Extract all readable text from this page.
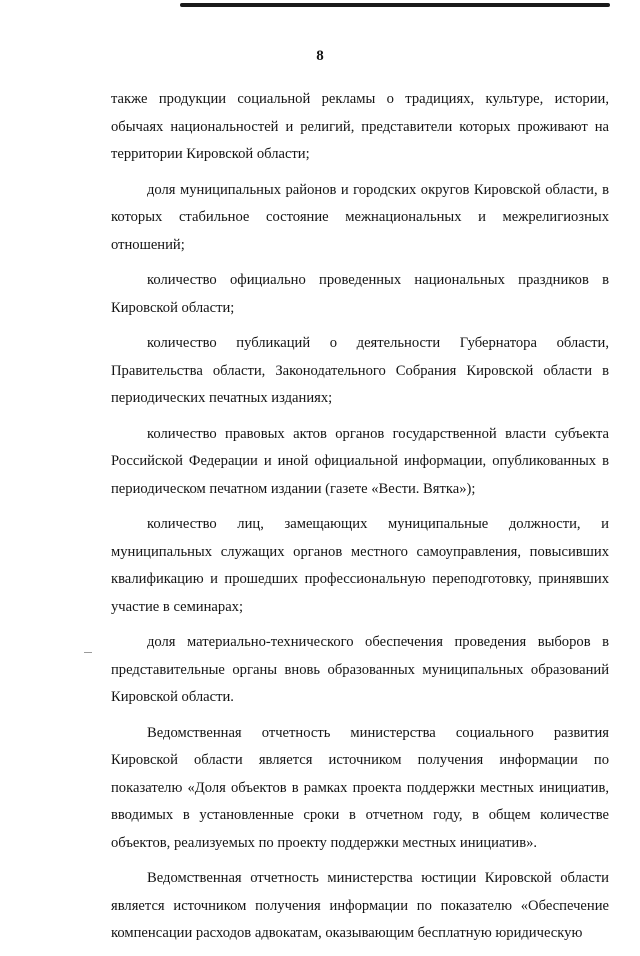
8

также продукции социальной рекламы о традициях, культуре, истории, обычаях национальностей и религий, представители которых проживают на территории Кировской области;

доля муниципальных районов и городских округов Кировской области, в которых стабильное состояние межнациональных и межрелигиозных отношений;

количество официально проведенных национальных праздников в Кировской области;

количество публикаций о деятельности Губернатора области, Правительства области, Законодательного Собрания Кировской области в периодических печатных изданиях;

количество правовых актов органов государственной власти субъекта Российской Федерации и иной официальной информации, опубликованных в периодическом печатном издании (газете «Вести. Вятка»);

количество лиц, замещающих муниципальные должности, и муниципальных служащих органов местного самоуправления, повысивших квалификацию и прошедших профессиональную переподготовку, принявших участие в семинарах;

доля материально-технического обеспечения проведения выборов в представительные органы вновь образованных муниципальных образований Кировской области.

Ведомственная отчетность министерства социального развития Кировской области является источником получения информации по показателю «Доля объектов в рамках проекта поддержки местных инициатив, вводимых в установленные сроки в отчетном году, в общем количестве объектов, реализуемых по проекту поддержки местных инициатив».

Ведомственная отчетность министерства юстиции Кировской области является источником получения информации по показателю «Обеспечение компенсации расходов адвокатам, оказывающим бесплатную юридическую
